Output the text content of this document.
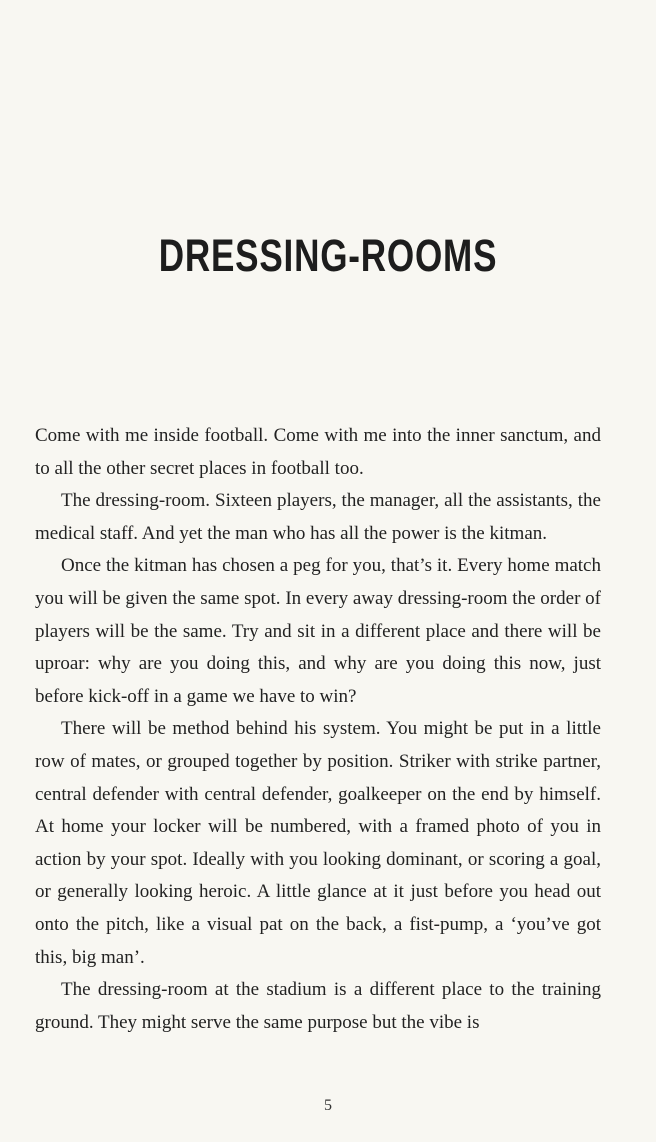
DRESSING-ROOMS

Come with me inside football. Come with me into the inner sanctum, and to all the other secret places in football too.

The dressing-room. Sixteen players, the manager, all the assistants, the medical staff. And yet the man who has all the power is the kitman.

Once the kitman has chosen a peg for you, that’s it. Every home match you will be given the same spot. In every away dressing-room the order of players will be the same. Try and sit in a different place and there will be uproar: why are you doing this, and why are you doing this now, just before kick-off in a game we have to win?

There will be method behind his system. You might be put in a little row of mates, or grouped together by position. Striker with strike partner, central defender with central defender, goalkeeper on the end by himself. At home your locker will be numbered, with a framed photo of you in action by your spot. Ideally with you looking dominant, or scoring a goal, or generally looking heroic. A little glance at it just before you head out onto the pitch, like a visual pat on the back, a fist-pump, a ‘you’ve got this, big man’.

The dressing-room at the stadium is a different place to the training ground. They might serve the same purpose but the vibe is

5
